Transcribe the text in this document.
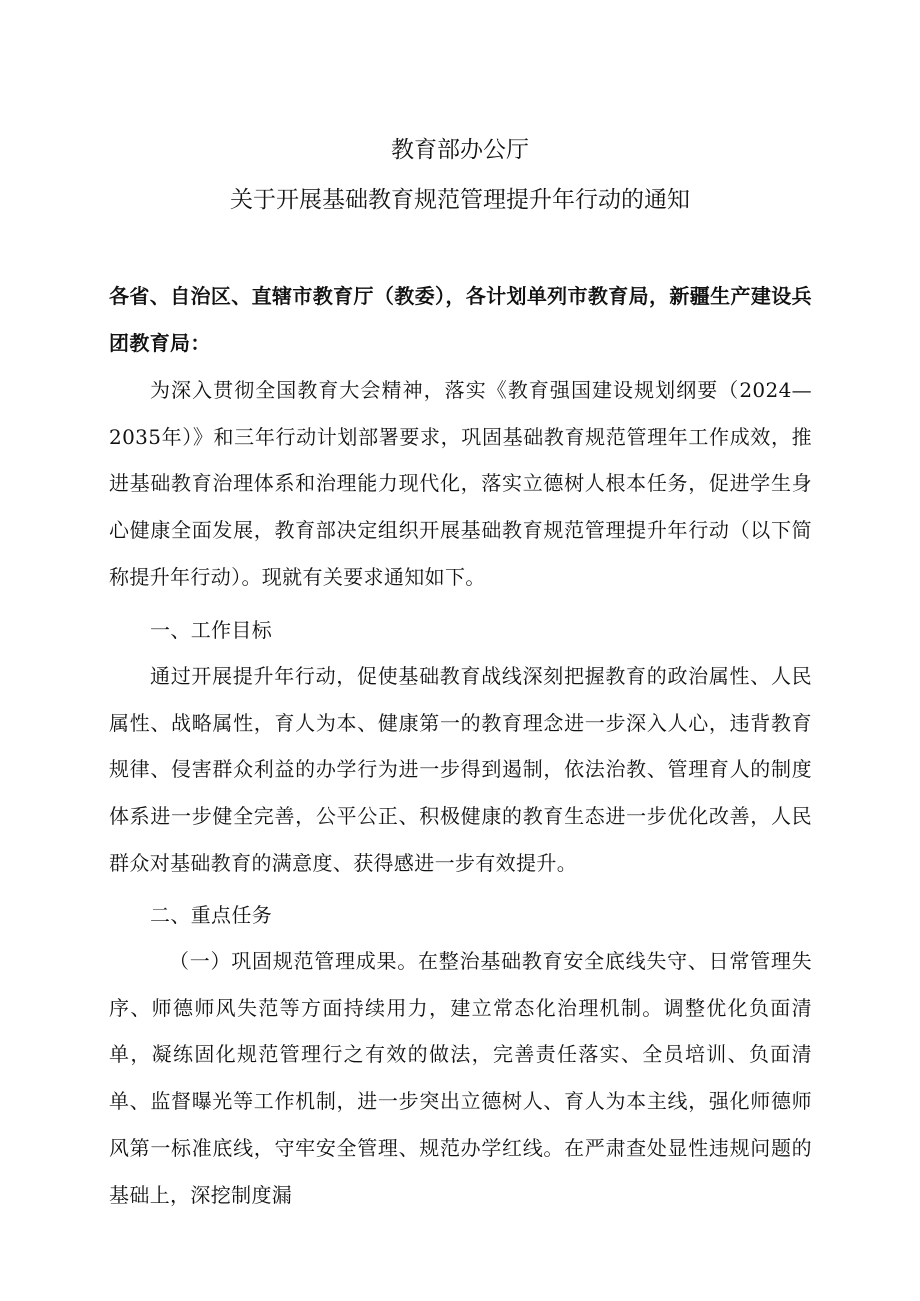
教育部办公厅
关于开展基础教育规范管理提升年行动的通知

各省、自治区、直辖市教育厅（教委），各计划单列市教育局，新疆生产建设兵团教育局：

为深入贯彻全国教育大会精神，落实《教育强国建设规划纲要（2024—2035年）》和三年行动计划部署要求，巩固基础教育规范管理年工作成效，推进基础教育治理体系和治理能力现代化，落实立德树人根本任务，促进学生身心健康全面发展，教育部决定组织开展基础教育规范管理提升年行动（以下简称提升年行动）。现就有关要求通知如下。

一、工作目标

通过开展提升年行动，促使基础教育战线深刻把握教育的政治属性、人民属性、战略属性，育人为本、健康第一的教育理念进一步深入人心，违背教育规律、侵害群众利益的办学行为进一步得到遏制，依法治教、管理育人的制度体系进一步健全完善，公平公正、积极健康的教育生态进一步优化改善，人民群众对基础教育的满意度、获得感进一步有效提升。

二、重点任务

（一）巩固规范管理成果。在整治基础教育安全底线失守、日常管理失序、师德师风失范等方面持续用力，建立常态化治理机制。调整优化负面清单，凝练固化规范管理行之有效的做法，完善责任落实、全员培训、负面清单、监督曝光等工作机制，进一步突出立德树人、育人为本主线，强化师德师风第一标准底线，守牢安全管理、规范办学红线。在严肃查处显性违规问题的基础上，深挖制度漏
